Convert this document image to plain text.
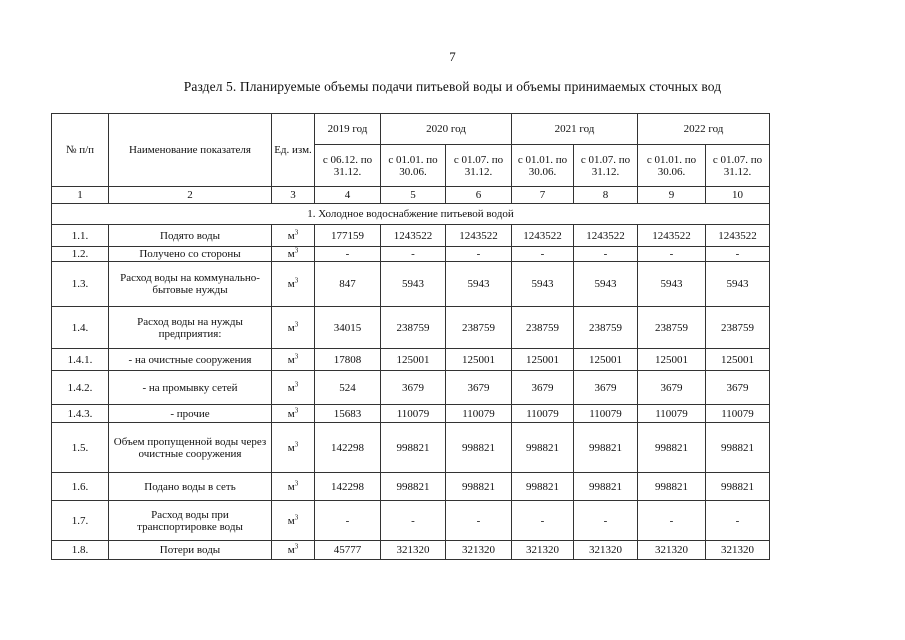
7
Раздел 5. Планируемые объемы подачи питьевой воды и объемы принимаемых сточных вод
№ п/п	Наименование показателя	Ед. изм.	2019 год	2020 год		2021 год		2022 год	
			с 06.12. по 31.12.	с 01.01. по 30.06.	с 01.07. по 31.12.	с 01.01. по 30.06.	с 01.07. по 31.12.	с 01.01. по 30.06.	с 01.07. по 31.12.
1	2	3	4	5	6	7	8	9	10
1. Холодное водоснабжение питьевой водой									
1.1.	Подято воды	$м^3$	177159	1243522	1243522	1243522	1243522	1243522	1243522
1.2.	Получено со стороны	$м^3$	-	-	-	-	-	-	-
1.3.	Расход воды на коммунально-бытовые нужды	$м^3$	847	5943	5943	5943	5943	5943	5943
1.4.	Расход воды на нужды предприятия:	$м^3$	34015	238759	238759	238759	238759	238759	238759
1.4.1.	- на очистные сооружения	$м^3$	17808	125001	125001	125001	125001	125001	125001
1.4.2.	- на промывку сетей	$м^3$	524	3679	3679	3679	3679	3679	3679
1.4.3.	- прочие	$м^3$	15683	110079	110079	110079	110079	110079	110079
1.5.	Объем пропущенной воды через очистные сооружения	$м^3$	142298	998821	998821	998821	998821	998821	998821
1.6.	Подано воды в сеть	$м^3$	142298	998821	998821	998821	998821	998821	998821
1.7.	Расход воды при транспортировке воды	$м^3$	-	-	-	-	-	-	-
1.8.	Потери воды	$м^3$	45777	321320	321320	321320	321320	321320	321320
